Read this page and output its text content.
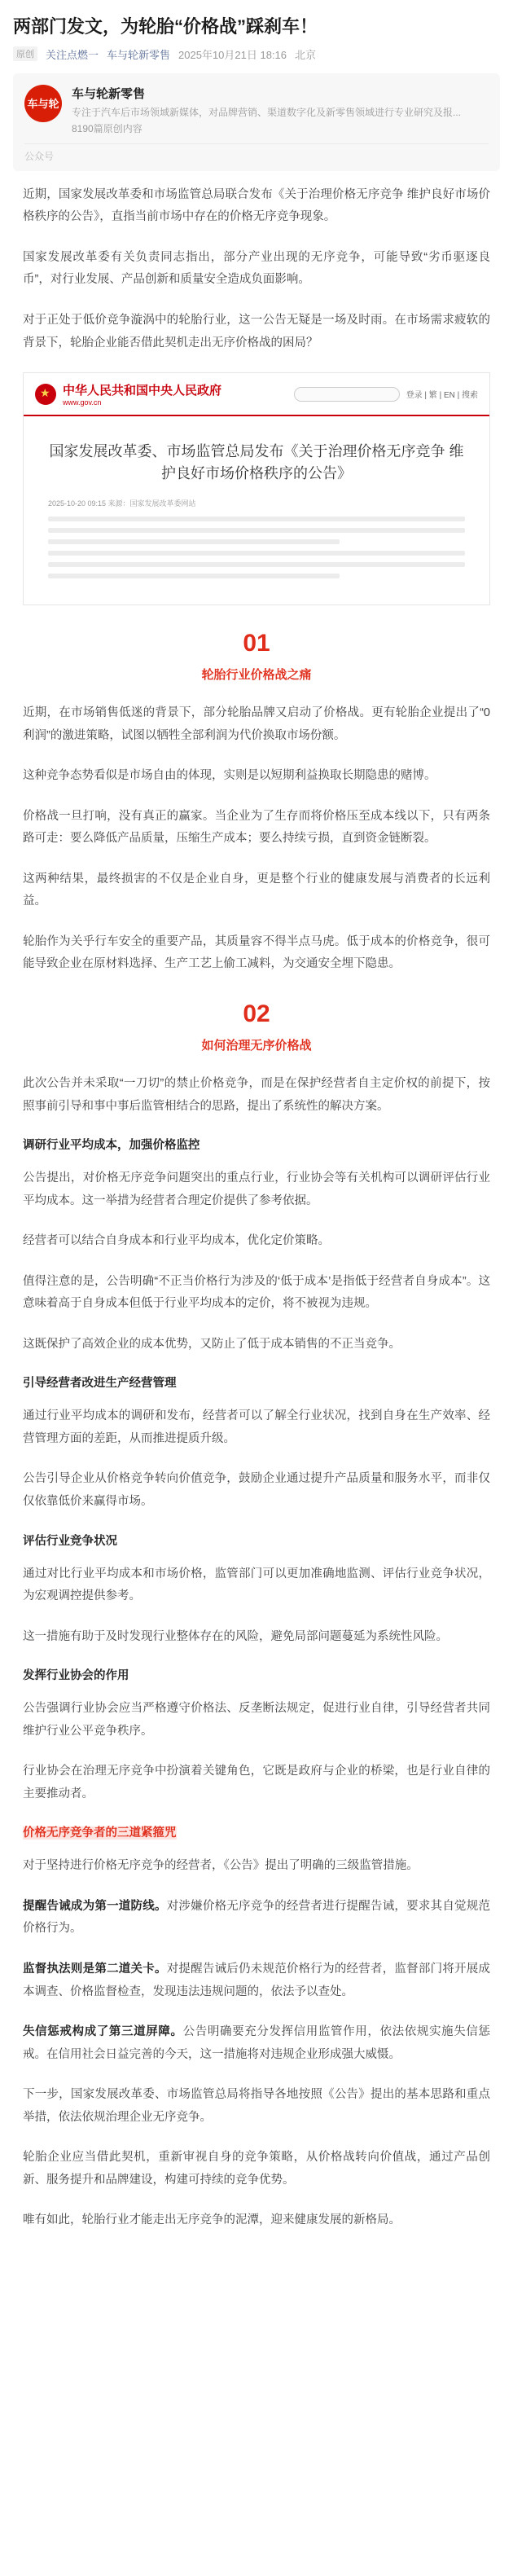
两部门发文，为轮胎“价格战”踩刹车！
原创	关注点燃一 车与轮新零售 2025年10月21日 18:16 北京
车与轮
车与轮新零售
专注于汽车后市场领域新媒体，对品牌营销、渠道数字化及新零售领域进行专业研究及报...
8190篇原创内容
公众号

近期，国家发展改革委和市场监管总局联合发布《关于治理价格无序竞争 维护良好市场价格秩序的公告》，直指当前市场中存在的价格无序竞争现象。

国家发展改革委有关负责同志指出，部分产业出现的无序竞争，可能导致“劣币驱逐良币”，对行业发展、产品创新和质量安全造成负面影响。

对于正处于低价竞争漩涡中的轮胎行业，这一公告无疑是一场及时雨。在市场需求疲软的背景下，轮胎企业能否借此契机走出无序价格战的困局？

★
中华人民共和国中央人民政府
www.gov.cn
登录 | 繁 | EN | 搜索
国家发展改革委、市场监管总局发布《关于治理价格无序竞争 维护良好市场价格秩序的公告》
2025-10-20 09:15 来源：国家发展改革委网站
01
轮胎行业价格战之痛

近期，在市场销售低迷的背景下，部分轮胎品牌又启动了价格战。更有轮胎企业提出了“0利润”的激进策略，试图以牺牲全部利润为代价换取市场份额。

这种竞争态势看似是市场自由的体现，实则是以短期利益换取长期隐患的赌博。

价格战一旦打响，没有真正的赢家。当企业为了生存而将价格压至成本线以下，只有两条路可走：要么降低产品质量，压缩生产成本；要么持续亏损，直到资金链断裂。

这两种结果，最终损害的不仅是企业自身，更是整个行业的健康发展与消费者的长远利益。

轮胎作为关乎行车安全的重要产品，其质量容不得半点马虎。低于成本的价格竞争，很可能导致企业在原材料选择、生产工艺上偷工减料，为交通安全埋下隐患。

02
如何治理无序价格战

此次公告并未采取“一刀切”的禁止价格竞争，而是在保护经营者自主定价权的前提下，按照事前引导和事中事后监管相结合的思路，提出了系统性的解决方案。

调研行业平均成本，加强价格监控

公告提出，对价格无序竞争问题突出的重点行业，行业协会等有关机构可以调研评估行业平均成本。这一举措为经营者合理定价提供了参考依据。

经营者可以结合自身成本和行业平均成本，优化定价策略。

值得注意的是，公告明确“不正当价格行为涉及的‘低于成本’是指低于经营者自身成本”。这意味着高于自身成本但低于行业平均成本的定价，将不被视为违规。

这既保护了高效企业的成本优势，又防止了低于成本销售的不正当竞争。

引导经营者改进生产经营管理

通过行业平均成本的调研和发布，经营者可以了解全行业状况，找到自身在生产效率、经营管理方面的差距，从而推进提质升级。

公告引导企业从价格竞争转向价值竞争，鼓励企业通过提升产品质量和服务水平，而非仅仅依靠低价来赢得市场。

评估行业竞争状况

通过对比行业平均成本和市场价格，监管部门可以更加准确地监测、评估行业竞争状况，为宏观调控提供参考。

这一措施有助于及时发现行业整体存在的风险，避免局部问题蔓延为系统性风险。

发挥行业协会的作用

公告强调行业协会应当严格遵守价格法、反垄断法规定，促进行业自律，引导经营者共同维护行业公平竞争秩序。

行业协会在治理无序竞争中扮演着关键角色，它既是政府与企业的桥梁，也是行业自律的主要推动者。

价格无序竞争者的三道紧箍咒

对于坚持进行价格无序竞争的经营者，《公告》提出了明确的三级监管措施。

提醒告诫成为第一道防线。对涉嫌价格无序竞争的经营者进行提醒告诫，要求其自觉规范价格行为。

监督执法则是第二道关卡。对提醒告诫后仍未规范价格行为的经营者，监督部门将开展成本调查、价格监督检查，发现违法违规问题的，依法予以查处。

失信惩戒构成了第三道屏障。公告明确要充分发挥信用监管作用，依法依规实施失信惩戒。在信用社会日益完善的今天，这一措施将对违规企业形成强大威慑。

下一步，国家发展改革委、市场监管总局将指导各地按照《公告》提出的基本思路和重点举措，依法依规治理企业无序竞争。

轮胎企业应当借此契机，重新审视自身的竞争策略，从价格战转向价值战，通过产品创新、服务提升和品牌建设，构建可持续的竞争优势。

唯有如此，轮胎行业才能走出无序竞争的泥潭，迎来健康发展的新格局。
